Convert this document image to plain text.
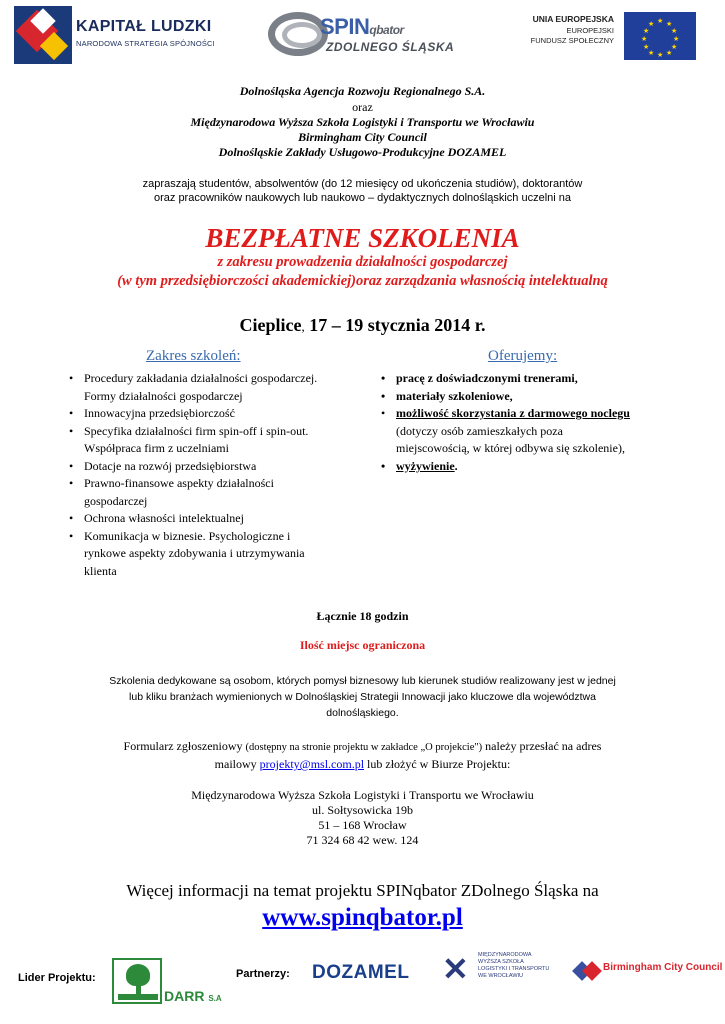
KAPITAŁ LUDZKI
NARODOWA STRATEGIA SPÓJNOŚCI
SPINqbator
ZDOLNEGO ŚLĄSKA
UNIA EUROPEJSKA
EUROPEJSKI
FUNDUSZ SPOŁECZNY
★ ★
★
★
★
★
★
★
★
★
★
★
Dolnośląska Agencja Rozwoju Regionalnego S.A.
oraz
Międzynarodowa Wyższa Szkoła Logistyki i Transportu we Wrocławiu
Birmingham City Council
Dolnośląskie Zakłady Usługowo-Produkcyjne DOZAMEL
zapraszają studentów, absolwentów (do 12 miesięcy od ukończenia studiów), doktorantów
oraz pracowników naukowych lub naukowo – dydaktycznych dolnośląskich uczelni na
BEZPŁATNE SZKOLENIA
z zakresu prowadzenia działalności gospodarczej
(w tym przedsiębiorczości akademickiej)oraz zarządzania własnością intelektualną
Cieplice, 17 – 19 stycznia 2014 r.
Zakres szkoleń:
• Procedury zakładania działalności gospodarczej.
Formy działalności gospodarczej
• Innowacyjna przedsiębiorczość
• Specyfika działalności firm spin-off i spin-out.
Współpraca firm z uczelniami
• Dotacje na rozwój przedsiębiorstwa
• Prawno-finansowe aspekty działalności
gospodarczej
• Ochrona własności intelektualnej
• Komunikacja w biznesie. Psychologiczne i
rynkowe aspekty zdobywania i utrzymywania
klienta
Oferujemy:
• pracę z doświadczonymi trenerami,
• materiały szkoleniowe,
• możliwość skorzystania z darmowego noclegu
(dotyczy osób zamieszkałych poza
miejscowością, w której odbywa się szkolenie),
• wyżywienie.
Łącznie 18 godzin
Ilość miejsc ograniczona
Szkolenia dedykowane są osobom, których pomysł biznesowy lub kierunek studiów realizowany jest w jednej
lub kliku branżach wymienionych w Dolnośląskiej Strategii Innowacji jako kluczowe dla województwa
dolnośląskiego.
Formularz zgłoszeniowy (dostępny na stronie projektu w zakładce „O projekcie") należy przesłać na adres
mailowy projekty@msl.com.pl lub złożyć w Biurze Projektu:
Międzynarodowa Wyższa Szkoła Logistyki i Transportu we Wrocławiu
ul. Sołtysowicka 19b
51 – 168 Wrocław
71 324 68 42 wew. 124
Więcej informacji na temat projektu SPINqbator ZDolnego Śląska na
www.spinqbator.pl
Lider Projektu:
DARR S.A
Partnerzy: DOZAMEL ✕ MIĘDZYNARODOWA
WYŻSZA SZKOŁA
LOGISTYKI I TRANSPORTU
WE WROCŁAWIU
Birmingham City Council
